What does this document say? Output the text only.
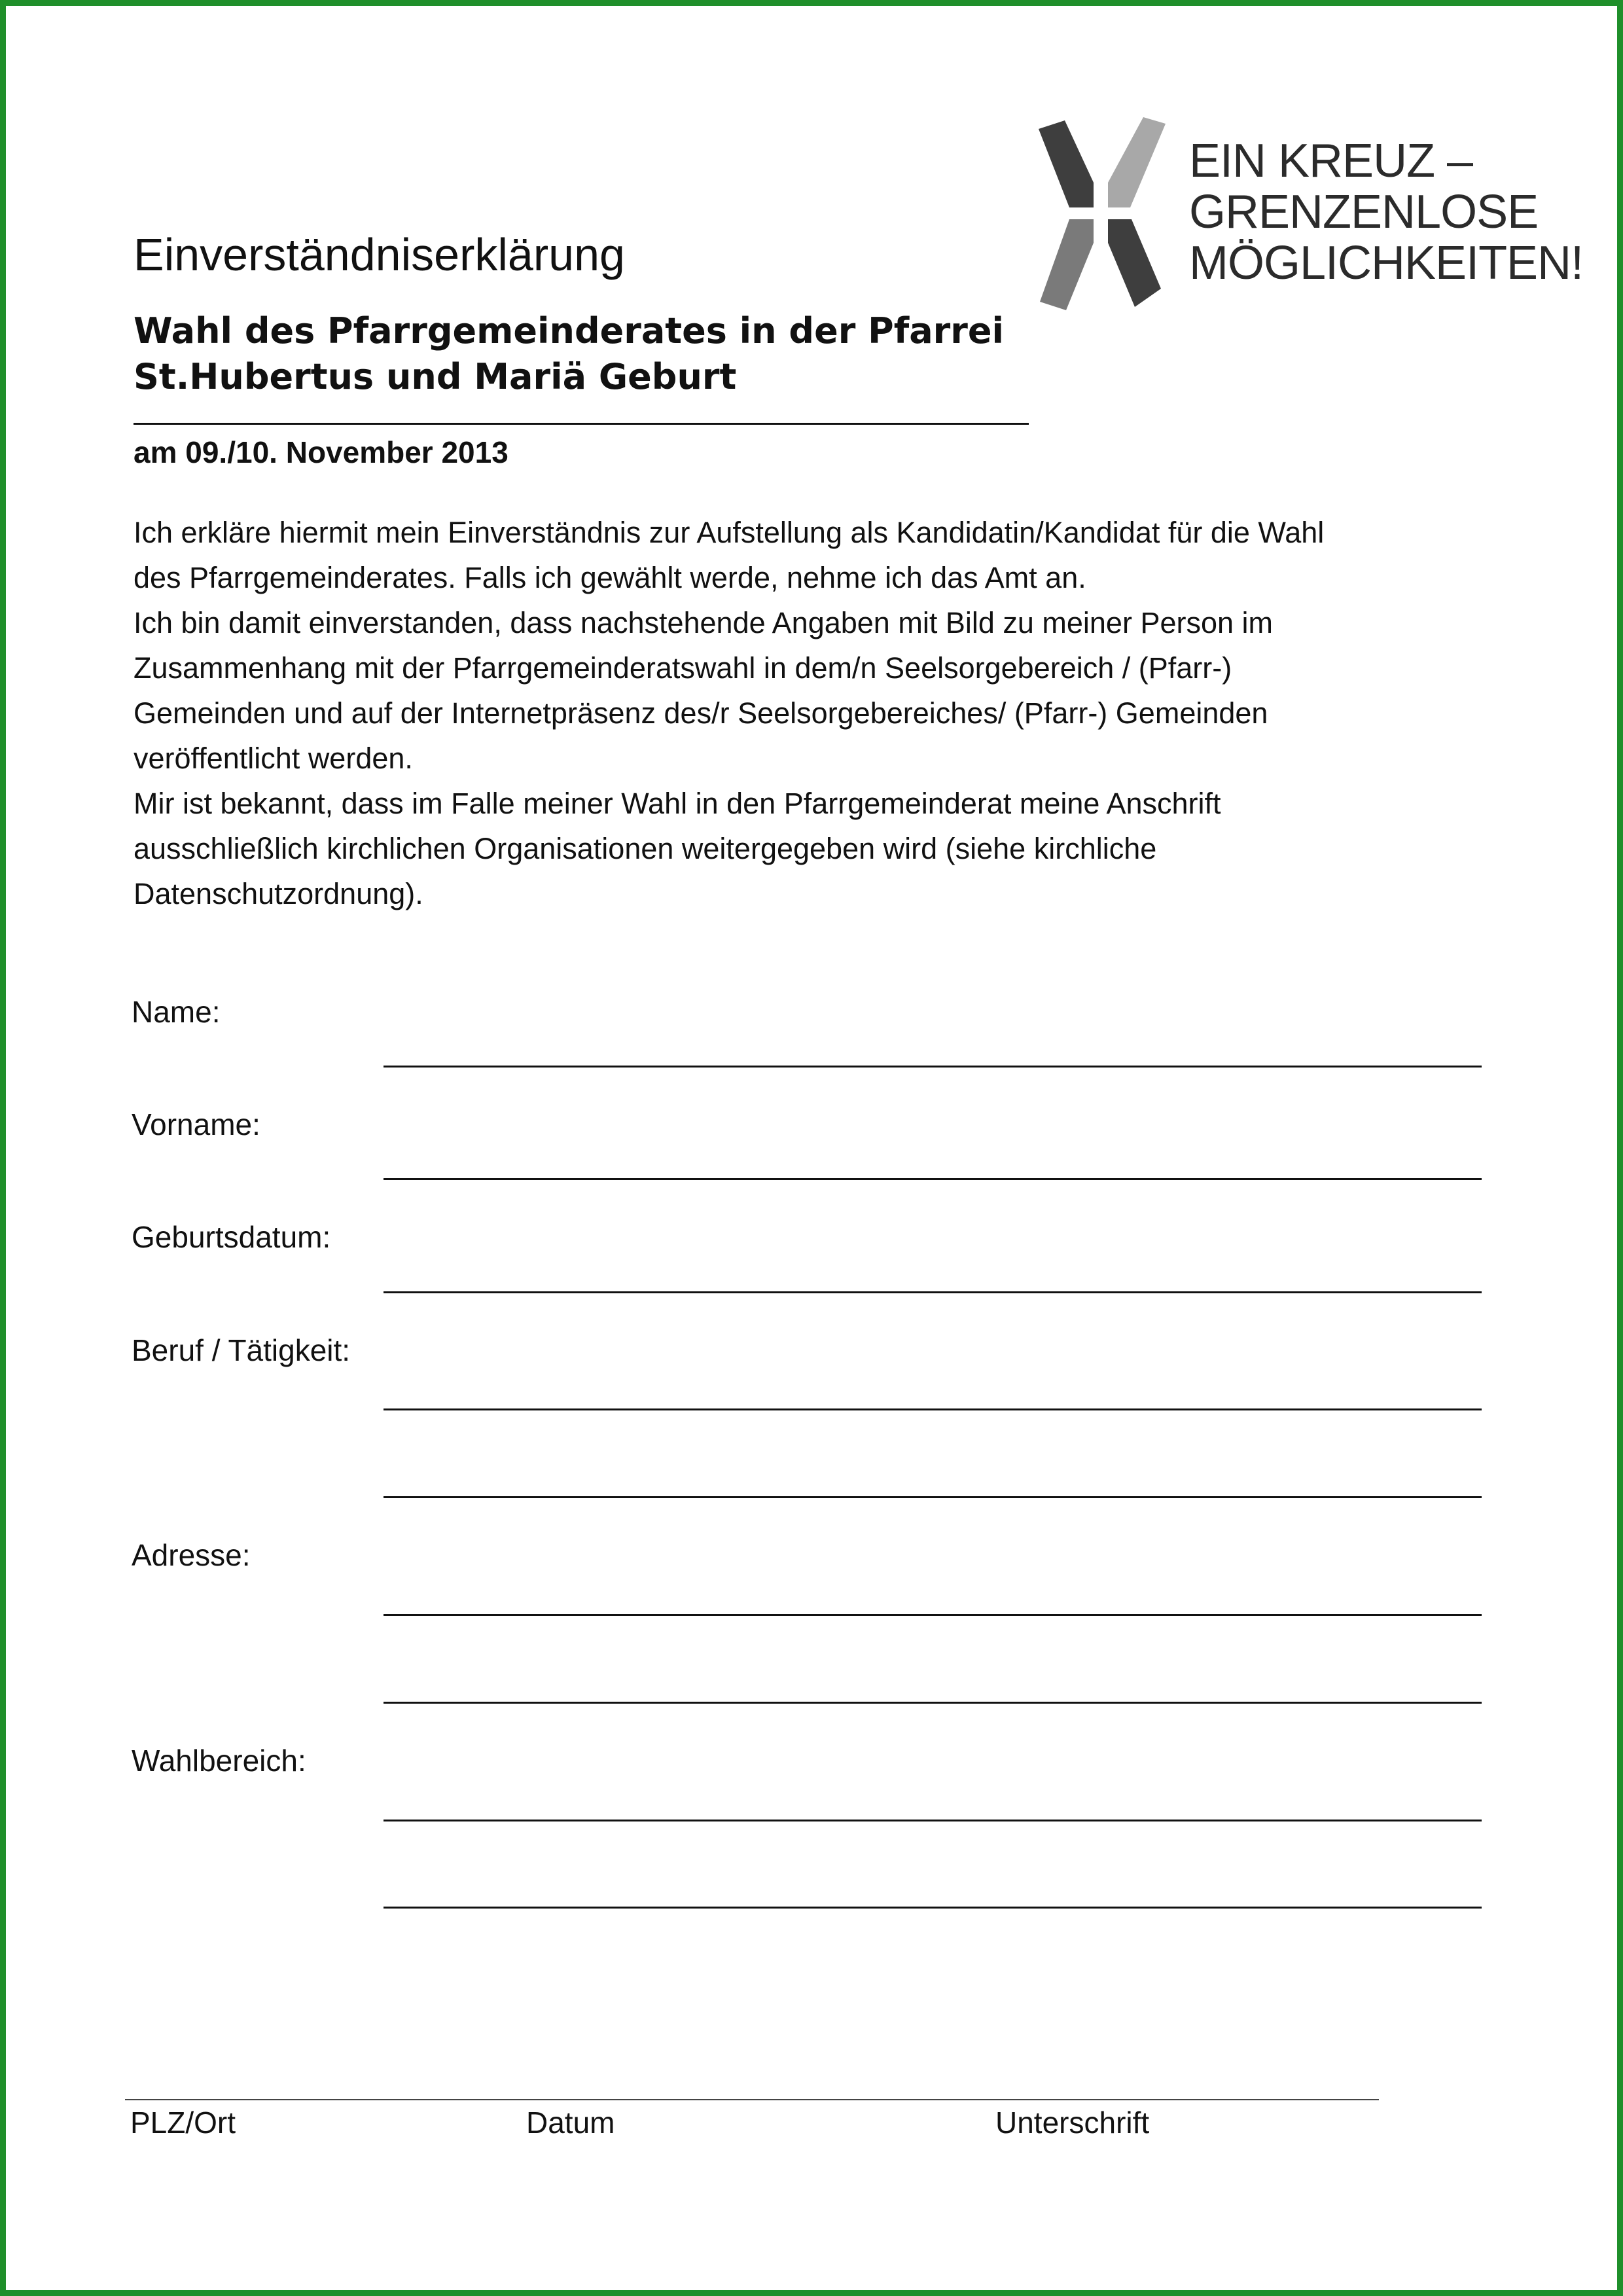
EIN KREUZ –
GRENZENLOSE
MÖGLICHKEITEN!
Einverständniserklärung
Wahl des Pfarrgemeinderates in der Pfarrei
St.Hubertus und Mariä Geburt
am 09./10. November 2013

Ich erkläre hiermit mein Einverständnis zur Aufstellung als Kandidatin/Kandidat für die Wahl

des Pfarrgemeinderates. Falls ich gewählt werde, nehme ich das Amt an.

Ich bin damit einverstanden, dass nachstehende Angaben mit Bild zu meiner Person im

Zusammenhang mit der Pfarrgemeinderatswahl in dem/n Seelsorgebereich / (Pfarr-)

Gemeinden und auf der Internetpräsenz des/r Seelsorgebereiches/ (Pfarr-) Gemeinden

veröffentlicht werden.

Mir ist bekannt, dass im Falle meiner Wahl in den Pfarrgemeinderat meine Anschrift

ausschließlich kirchlichen Organisationen weitergegeben wird (siehe kirchliche

Datenschutzordnung).

Name:
Vorname:
Geburtsdatum:
Beruf / Tätigkeit:
Adresse:
Wahlbereich:
PLZ/Ort	Datum	Unterschrift
